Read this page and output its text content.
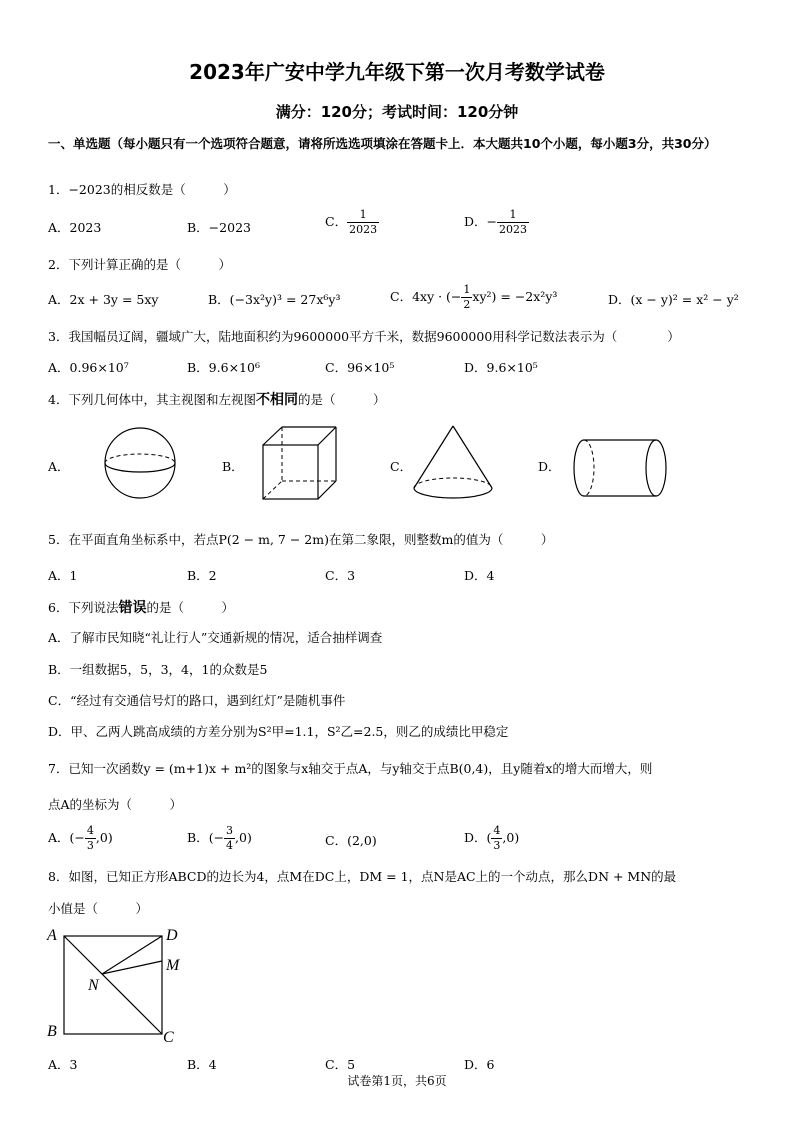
2023年广安中学九年级下第一次月考数学试卷
满分：120分；考试时间：120分钟
一、单选题（每小题只有一个选项符合题意，请将所选选项填涂在答题卡上．本大题共10个小题，每小题3分，共30分）
1．−2023的相反数是（　　　）
A．2023	B．−2023	C． $\frac{1}{2023}$	D．− $\frac{1}{2023}$
2．下列计算正确的是（　　　）
A．2x + 3y = 5xy	B．(−3x²y)³ = 27x⁶y³	C．4xy · (− $\frac{1}{2} xy^2) = -2x^2y^3$	D．(x − y)² = x² − y²
3．我国幅员辽阔，疆域广大，陆地面积约为9600000平方千米，数据9600000用科学记数法表示为（　　　　）
A．0.96×10⁷	B．9.6×10⁶	C．96×10⁵	D．9.6×10⁵
4．下列几何体中，其主视图和左视图不相同的是（　　　）
A．	B．	C．	D．
5．在平面直角坐标系中，若点P(2 − m, 7 − 2m)在第二象限，则整数m的值为（　　　）
A．1	B．2	C．3	D．4
6．下列说法错误的是（　　　）
A．了解市民知晓“礼让行人”交通新规的情况，适合抽样调查
B．一组数据5，5，3，4，1的众数是5
C．“经过有交通信号灯的路口，遇到红灯”是随机事件
D．甲、乙两人跳高成绩的方差分别为S²甲=1.1，S²乙=2.5，则乙的成绩比甲稳定
7．已知一次函数y = (m+1)x + m²的图象与x轴交于点A，与y轴交于点B(0,4)，且y随着x的增大而增大，则
点A的坐标为（　　　）
A．(− $\frac{4}{3} ,0$)	B．(− $\frac{3}{4} ,0$)	C．(2,0)	D．( $\frac{4}{3} ,0$)
8．如图，已知正方形ABCD的边长为4，点M在DC上，DM = 1，点N是AC上的一个动点，那么DN + MN的最
小值是（　　　）
A	D
M
N
B	C
A．3	B．4	C．5	D．6
试卷第1页，共6页
